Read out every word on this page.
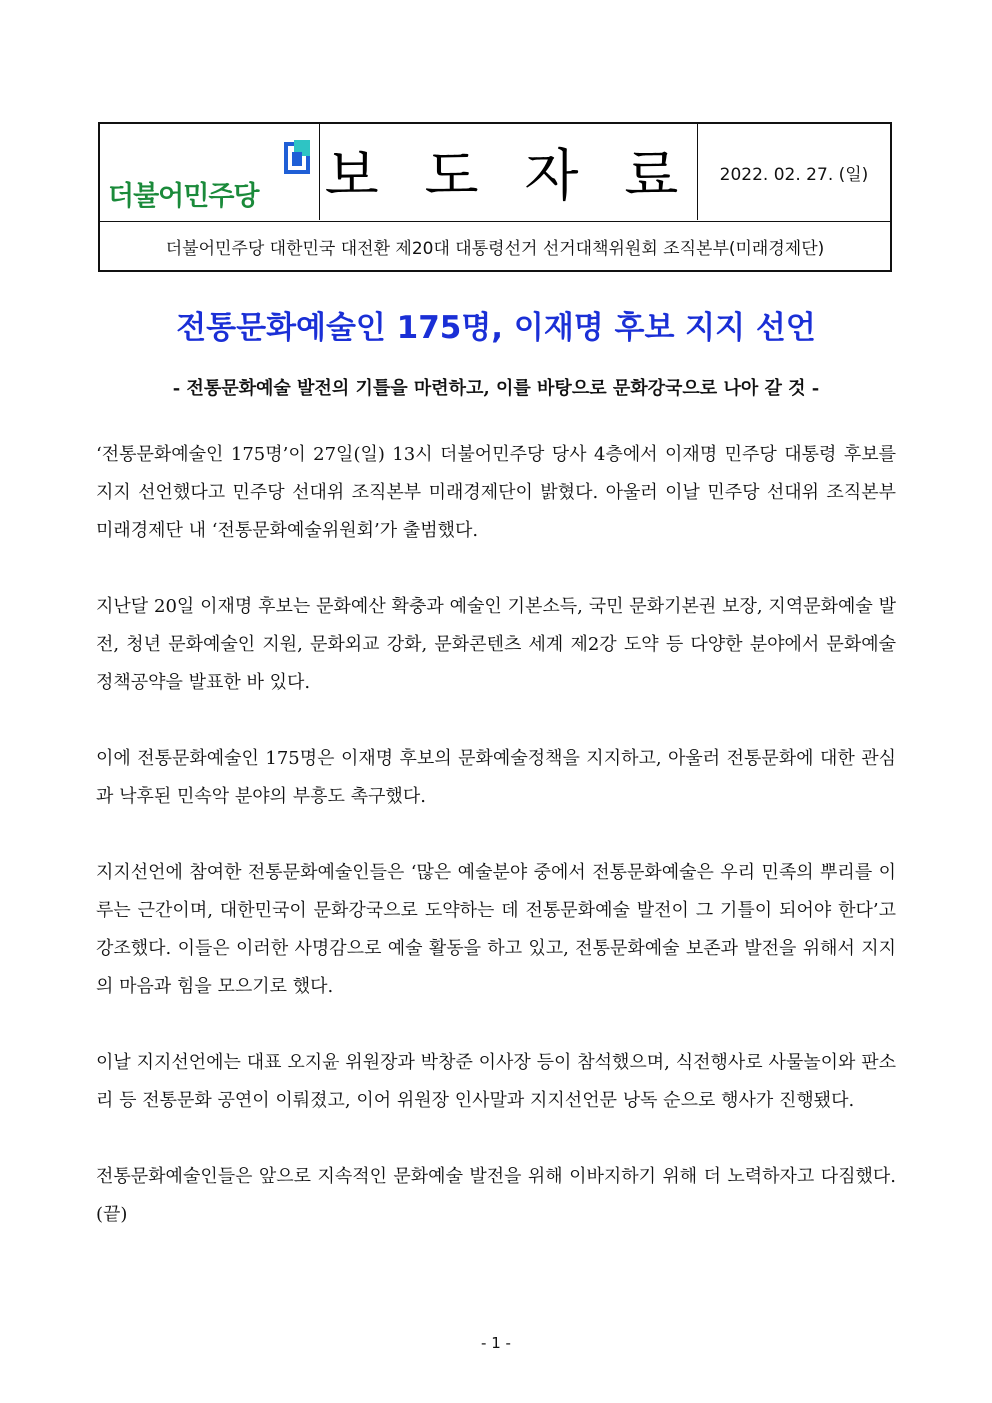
더불어민주당 보 도 자 료	2022. 02. 27. (일)
더불어민주당 대한민국 대전환 제20대 대통령선거 선거대책위원회 조직본부(미래경제단)
전통문화예술인 175명, 이재명 후보 지지 선언
- 전통문화예술 발전의 기틀을 마련하고, 이를 바탕으로 문화강국으로 나아 갈 것 -

‘전통문화예술인 175명’이 27일(일) 13시 더불어민주당 당사 4층에서 이재명 민주당 대통령 후보를 지지 선언했다고 민주당 선대위 조직본부 미래경제단이 밝혔다. 아울러 이날 민주당 선대위 조직본부 미래경제단 내 ‘전통문화예술위원회’가 출범했다.

지난달 20일 이재명 후보는 문화예산 확충과 예술인 기본소득, 국민 문화기본권 보장, 지역문화예술 발전, 청년 문화예술인 지원, 문화외교 강화, 문화콘텐츠 세계 제2강 도약 등 다양한 분야에서 문화예술 정책공약을 발표한 바 있다.

이에 전통문화예술인 175명은 이재명 후보의 문화예술정책을 지지하고, 아울러 전통문화에 대한 관심과 낙후된 민속악 분야의 부흥도 촉구했다.

지지선언에 참여한 전통문화예술인들은 ‘많은 예술분야 중에서 전통문화예술은 우리 민족의 뿌리를 이루는 근간이며, 대한민국이 문화강국으로 도약하는 데 전통문화예술 발전이 그 기틀이 되어야 한다’고 강조했다. 이들은 이러한 사명감으로 예술 활동을 하고 있고, 전통문화예술 보존과 발전을 위해서 지지의 마음과 힘을 모으기로 했다.

이날 지지선언에는 대표 오지윤 위원장과 박창준 이사장 등이 참석했으며, 식전행사로 사물놀이와 판소리 등 전통문화 공연이 이뤄졌고, 이어 위원장 인사말과 지지선언문 낭독 순으로 행사가 진행됐다.

전통문화예술인들은 앞으로 지속적인 문화예술 발전을 위해 이바지하기 위해 더 노력하자고 다짐했다. (끝)

- 1 -
